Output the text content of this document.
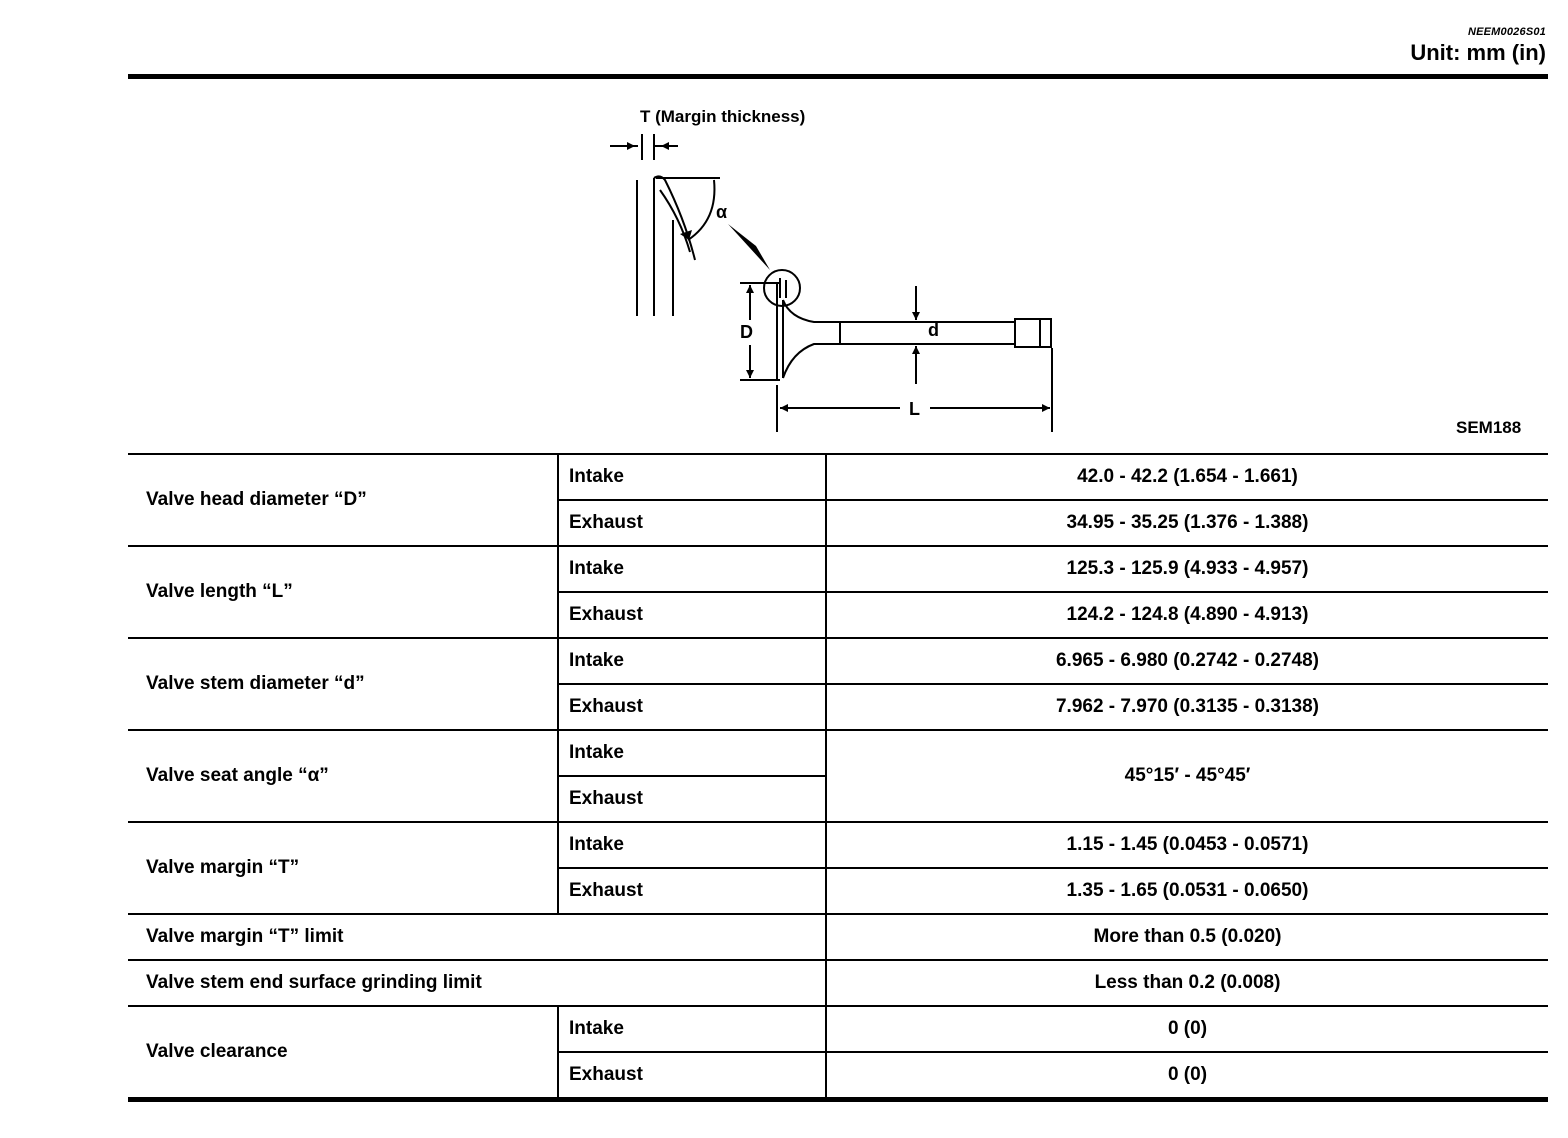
NEEM0026S01
Unit: mm (in)
T (Margin thickness)
α
D	d
L
SEM188
Valve head diameter “D”	Intake	42.0 - 42.2 (1.654 - 1.661)
	Exhaust	34.95 - 35.25 (1.376 - 1.388)
Valve length “L”	Intake	125.3 - 125.9 (4.933 - 4.957)
	Exhaust	124.2 - 124.8 (4.890 - 4.913)
Valve stem diameter “d”	Intake	6.965 - 6.980 (0.2742 - 0.2748)
	Exhaust	7.962 - 7.970 (0.3135 - 0.3138)
Valve seat angle “α”	Intake	45°15′ - 45°45′
	Exhaust	
Valve margin “T”	Intake	1.15 - 1.45 (0.0453 - 0.0571)
	Exhaust	1.35 - 1.65 (0.0531 - 0.0650)
Valve margin “T” limit		More than 0.5 (0.020)
Valve stem end surface grinding limit		Less than 0.2 (0.008)
Valve clearance	Intake	0 (0)
	Exhaust	0 (0)
